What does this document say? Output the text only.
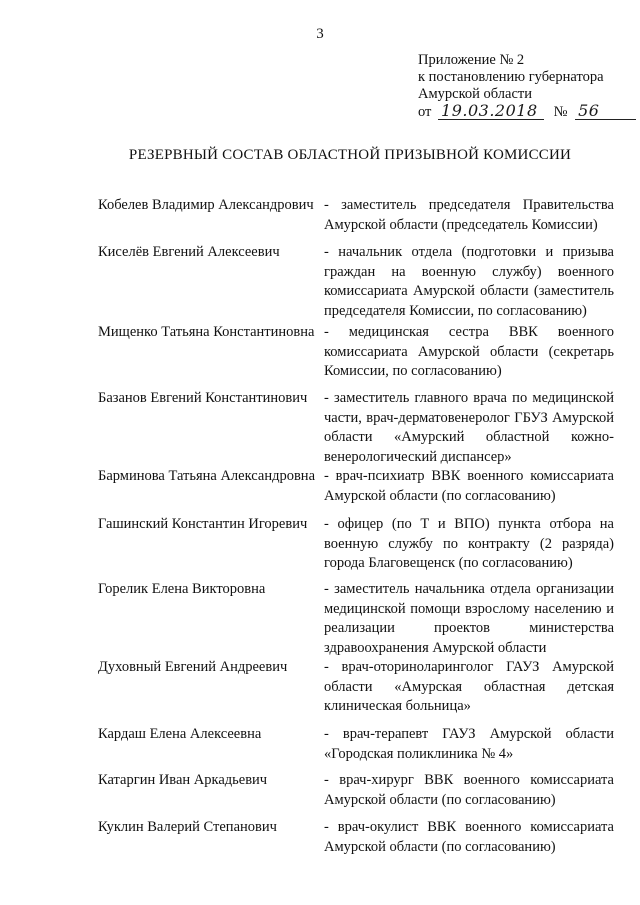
3
Приложение № 2
к постановлению губернатора
Амурской области
от 19.03.2018 № 56
РЕЗЕРВНЫЙ СОСТАВ ОБЛАСТНОЙ ПРИЗЫВНОЙ КОМИССИИ
Кобелев Владимир Александрович - заместитель председателя Правительства Амурской области (председатель Комиссии)
Киселёв Евгений Алексеевич	- начальник отдела (подготовки и призыва граждан на военную службу) военного комиссариата Амурской области (заместитель председателя Комиссии, по согласованию)
Мищенко Татьяна Константиновна - медицинская сестра ВВК военного комиссариата Амурской области (секретарь Комиссии, по согласованию)
Базанов Евгений Константинович	- заместитель главного врача по медицинской части, врач-дерматовенеролог ГБУЗ Амурской области «Амурский областной кожно-венерологический диспансер»
Барминова Татьяна Александровна - врач-психиатр ВВК военного комиссариата Амурской области (по согласованию)
Гашинский Константин Игоревич	- офицер (по Т и ВПО) пункта отбора на военную службу по контракту (2 разряда) города Благовещенск (по согласованию)
Горелик Елена Викторовна	- заместитель начальника отдела организации медицинской помощи взрослому населению и реализации проектов министерства здравоохранения Амурской области
Духовный Евгений Андреевич	- врач-оториноларинголог ГАУЗ Амурской области «Амурская областная детская клиническая больница»
Кардаш Елена Алексеевна	- врач-терапевт ГАУЗ Амурской области «Городская поликлиника № 4»
Катаргин Иван Аркадьевич	- врач-хирург ВВК военного комиссариата Амурской области (по согласованию)
Куклин Валерий Степанович	- врач-окулист ВВК военного комиссариата Амурской области (по согласованию)
